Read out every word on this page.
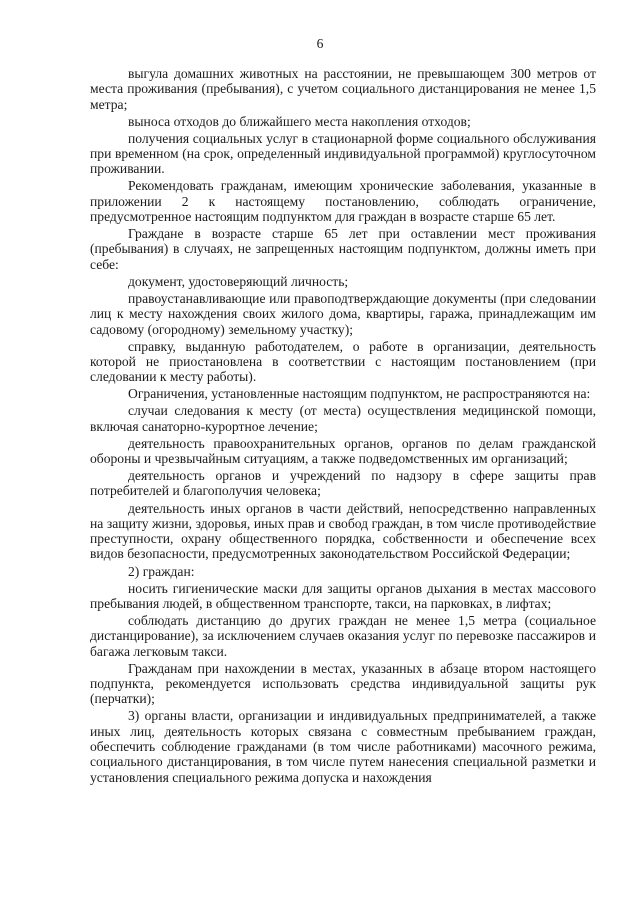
6

выгула домашних животных на расстоянии, не превышающем 300 метров от места проживания (пребывания), с учетом социального дистанцирования не менее 1,5 метра;

выноса отходов до ближайшего места накопления отходов;

получения социальных услуг в стационарной форме социального обслуживания при временном (на срок, определенный индивидуальной программой) круглосуточном проживании.

Рекомендовать гражданам, имеющим хронические заболевания, указанные в приложении 2 к настоящему постановлению, соблюдать ограничение, предусмотренное настоящим подпунктом для граждан в возрасте старше 65 лет.

Граждане в возрасте старше 65 лет при оставлении мест проживания (пребывания) в случаях, не запрещенных настоящим подпунктом, должны иметь при себе:

документ, удостоверяющий личность;

правоустанавливающие или правоподтверждающие документы (при следовании лиц к месту нахождения своих жилого дома, квартиры, гаража, принадлежащим им садовому (огородному) земельному участку);

справку, выданную работодателем, о работе в организации, деятельность которой не приостановлена в соответствии с настоящим постановлением (при следовании к месту работы).

Ограничения, установленные настоящим подпунктом, не распространяются на:

случаи следования к месту (от места) осуществления медицинской помощи, включая санаторно-курортное лечение;

деятельность правоохранительных органов, органов по делам гражданской обороны и чрезвычайным ситуациям, а также подведомственных им организаций;

деятельность органов и учреждений по надзору в сфере защиты прав потребителей и благополучия человека;

деятельность иных органов в части действий, непосредственно направленных на защиту жизни, здоровья, иных прав и свобод граждан, в том числе противодействие преступности, охрану общественного порядка, собственности и обеспечение всех видов безопасности, предусмотренных законодательством Российской Федерации;

2) граждан:

носить гигиенические маски для защиты органов дыхания в местах массового пребывания людей, в общественном транспорте, такси, на парковках, в лифтах;

соблюдать дистанцию до других граждан не менее 1,5 метра (социальное дистанцирование), за исключением случаев оказания услуг по перевозке пассажиров и багажа легковым такси.

Гражданам при нахождении в местах, указанных в абзаце втором настоящего подпункта, рекомендуется использовать средства индивидуальной защиты рук (перчатки);

3) органы власти, организации и индивидуальных предпринимателей, а также иных лиц, деятельность которых связана с совместным пребыванием граждан, обеспечить соблюдение гражданами (в том числе работниками) масочного режима, социального дистанцирования, в том числе путем нанесения специальной разметки и установления специального режима допуска и нахождения
